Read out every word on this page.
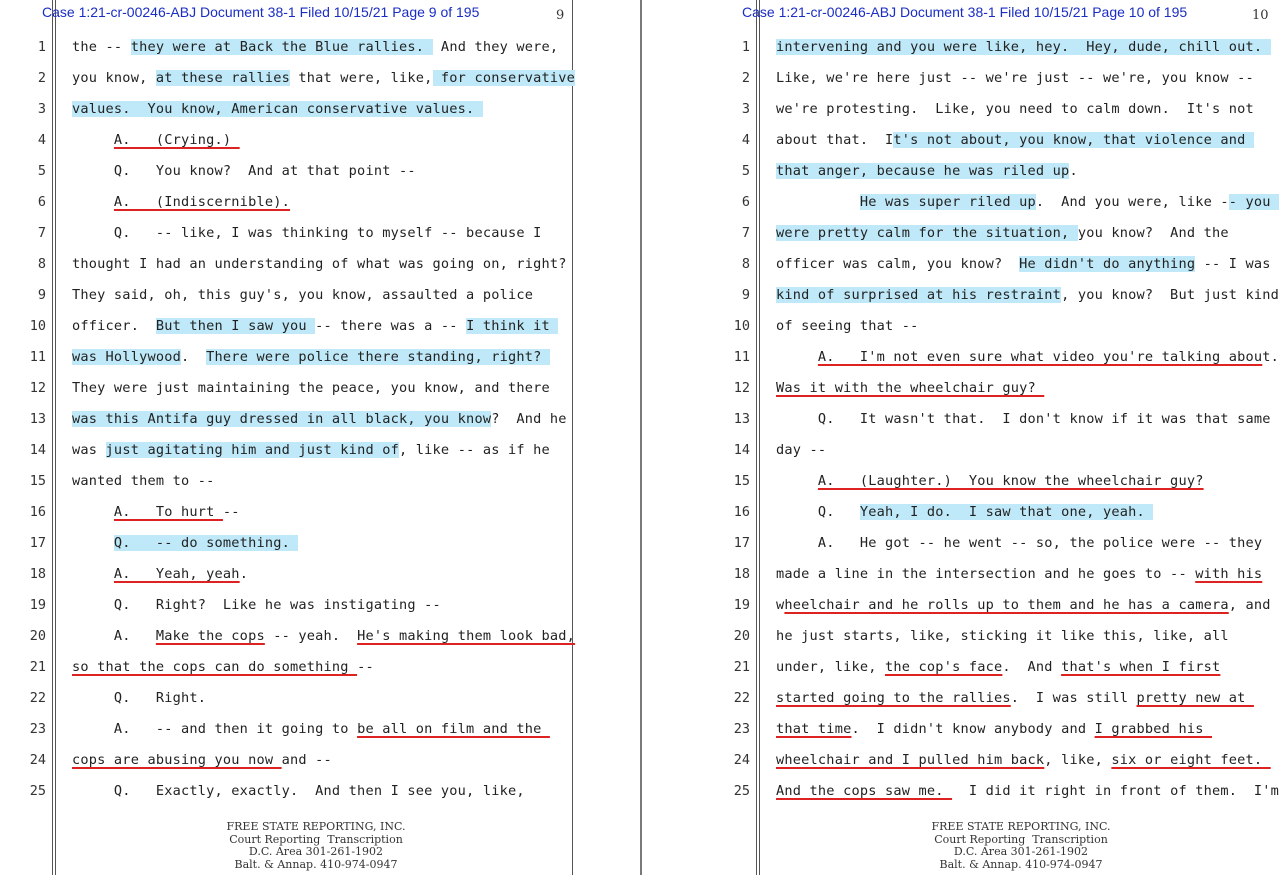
Case 1:21-cr-00246-ABJ Document 38-1 Filed 10/15/21 Page 9 of 195	9
1 the -- they were at Back the Blue rallies.  And they were,
2 you know, at these rallies that were, like, for conservative
3 values.  You know, American conservative values.
4	A.   (Crying.)
5 Q.   You know?  And at that point --
6	A.   (Indiscernible).
7 Q.   -- like, I was thinking to myself -- because I
8 thought I had an understanding of what was going on, right?
9 They said, oh, this guy's, you know, assaulted a police
10 officer.  But then I saw you -- there was a -- I think it
11 was Hollywood.  There were police there standing, right?
12 They were just maintaining the peace, you know, and there
13 was this Antifa guy dressed in all black, you know?  And he
14 was just agitating him and just kind of, like -- as if he
15 wanted them to --
16	A.   To hurt --
17	Q.   -- do something.
18	A.   Yeah, yeah.
19 Q.   Right?  Like he was instigating --
20 A.   Make the cops -- yeah.  He's making them look bad,
21 so that the cops can do something --
22 Q.   Right.
23 A.   -- and then it going to be all on film and the
24 cops are abusing you now and --
25 Q.   Exactly, exactly.  And then I see you, like,
FREE STATE REPORTING, INC.
Court Reporting  Transcription
D.C. Area 301-261-1902
Balt. & Annap. 410-974-0947
Case 1:21-cr-00246-ABJ Document 38-1 Filed 10/15/21 Page 10 of 195	10
1 intervening and you were like, hey.  Hey, dude, chill out.
2 Like, we're here just -- we're just -- we're, you know --
3 we're protesting.  Like, you need to calm down.  It's not
4 about that.  It's not about, you know, that violence and
5 that anger, because he was riled up.
6	He was super riled up.  And you were, like -- you
7 were pretty calm for the situation, you know?  And the
8 officer was calm, you know?  He didn't do anything -- I was
9 kind of surprised at his restraint, you know?  But just kind
10 of seeing that --
11	A.   I'm not even sure what video you're talking about.
12 Was it with the wheelchair guy?
13 Q.   It wasn't that.  I don't know if it was that same
14 day --
15	A.   (Laughter.)  You know the wheelchair guy?
16 Q.   Yeah, I do.  I saw that one, yeah.
17 A.   He got -- he went -- so, the police were -- they
18 made a line in the intersection and he goes to -- with his
19 wheelchair and he rolls up to them and he has a camera, and
20 he just starts, like, sticking it like this, like, all
21 under, like, the cop's face.  And that's when I first
22 started going to the rallies.  I was still pretty new at
23 that time.  I didn't know anybody and I grabbed his
24 wheelchair and I pulled him back, like, six or eight feet.
25 And the cops saw me.   I did it right in front of them.  I'm
FREE STATE REPORTING, INC.
Court Reporting  Transcription
D.C. Area 301-261-1902
Balt. & Annap. 410-974-0947
